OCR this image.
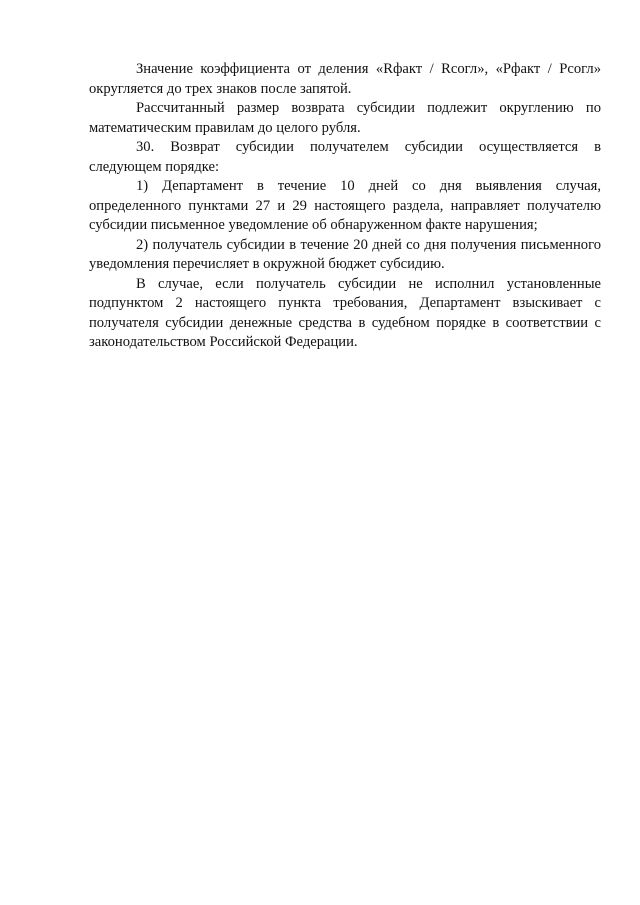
Значение коэффициента от деления «Rфакт / Rсогл», «Pфакт / Pсогл» округляется до трех знаков после запятой.

Рассчитанный размер возврата субсидии подлежит округлению по математическим правилам до целого рубля.

30. Возврат субсидии получателем субсидии осуществляется в следующем порядке:

1) Департамент в течение 10 дней со дня выявления случая, определенного пунктами 27 и 29 настоящего раздела, направляет получателю субсидии письменное уведомление об обнаруженном факте нарушения;

2) получатель субсидии в течение 20 дней со дня получения письменного уведомления перечисляет в окружной бюджет субсидию.

В случае, если получатель субсидии не исполнил установленные подпунктом 2 настоящего пункта требования, Департамент взыскивает с получателя субсидии денежные средства в судебном порядке в соответствии с законодательством Российской Федерации.
